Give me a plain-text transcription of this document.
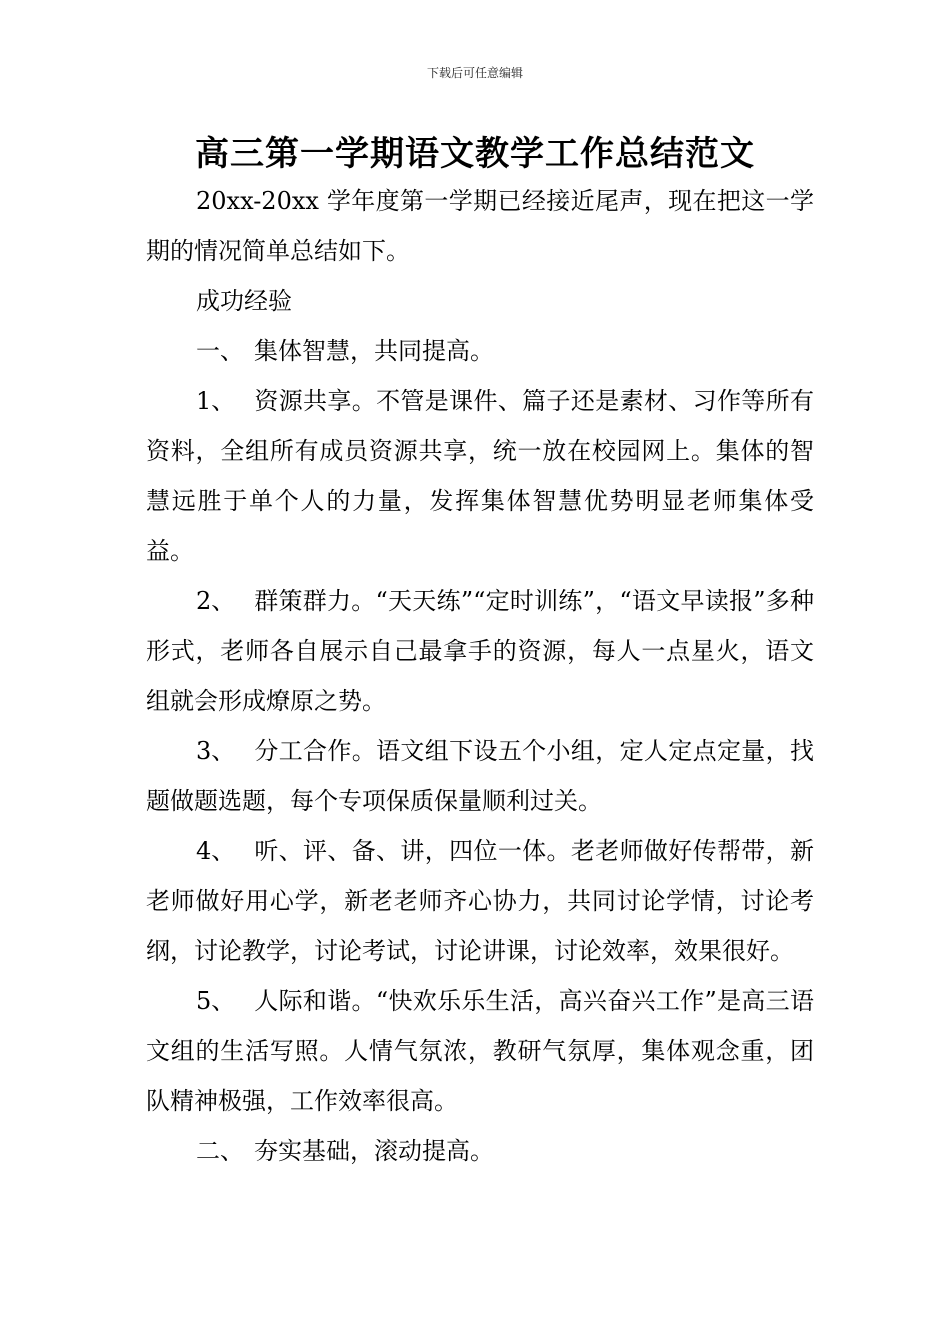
下载后可任意编辑
高三第一学期语文教学工作总结范文

20xx-20xx 学年度第一学期已经接近尾声，现在把这一学期的情况简单总结如下。

成功经验

一、 集体智慧，共同提高。

1、 资源共享。不管是课件、篇子还是素材、习作等所有资料，全组所有成员资源共享，统一放在校园网上。集体的智慧远胜于单个人的力量，发挥集体智慧优势明显老师集体受益。

2、 群策群力。“天天练”“定时训练”，“语文早读报”多种形式，老师各自展示自己最拿手的资源，每人一点星火，语文组就会形成燎原之势。

3、 分工合作。语文组下设五个小组，定人定点定量，找题做题选题，每个专项保质保量顺利过关。

4、 听、评、备、讲，四位一体。老老师做好传帮带，新老师做好用心学，新老老师齐心协力，共同讨论学情，讨论考纲，讨论教学，讨论考试，讨论讲课，讨论效率，效果很好。

5、 人际和谐。“快欢乐乐生活，高兴奋兴工作”是高三语文组的生活写照。人情气氛浓，教研气氛厚，集体观念重，团队精神极强，工作效率很高。

二、 夯实基础，滚动提高。
